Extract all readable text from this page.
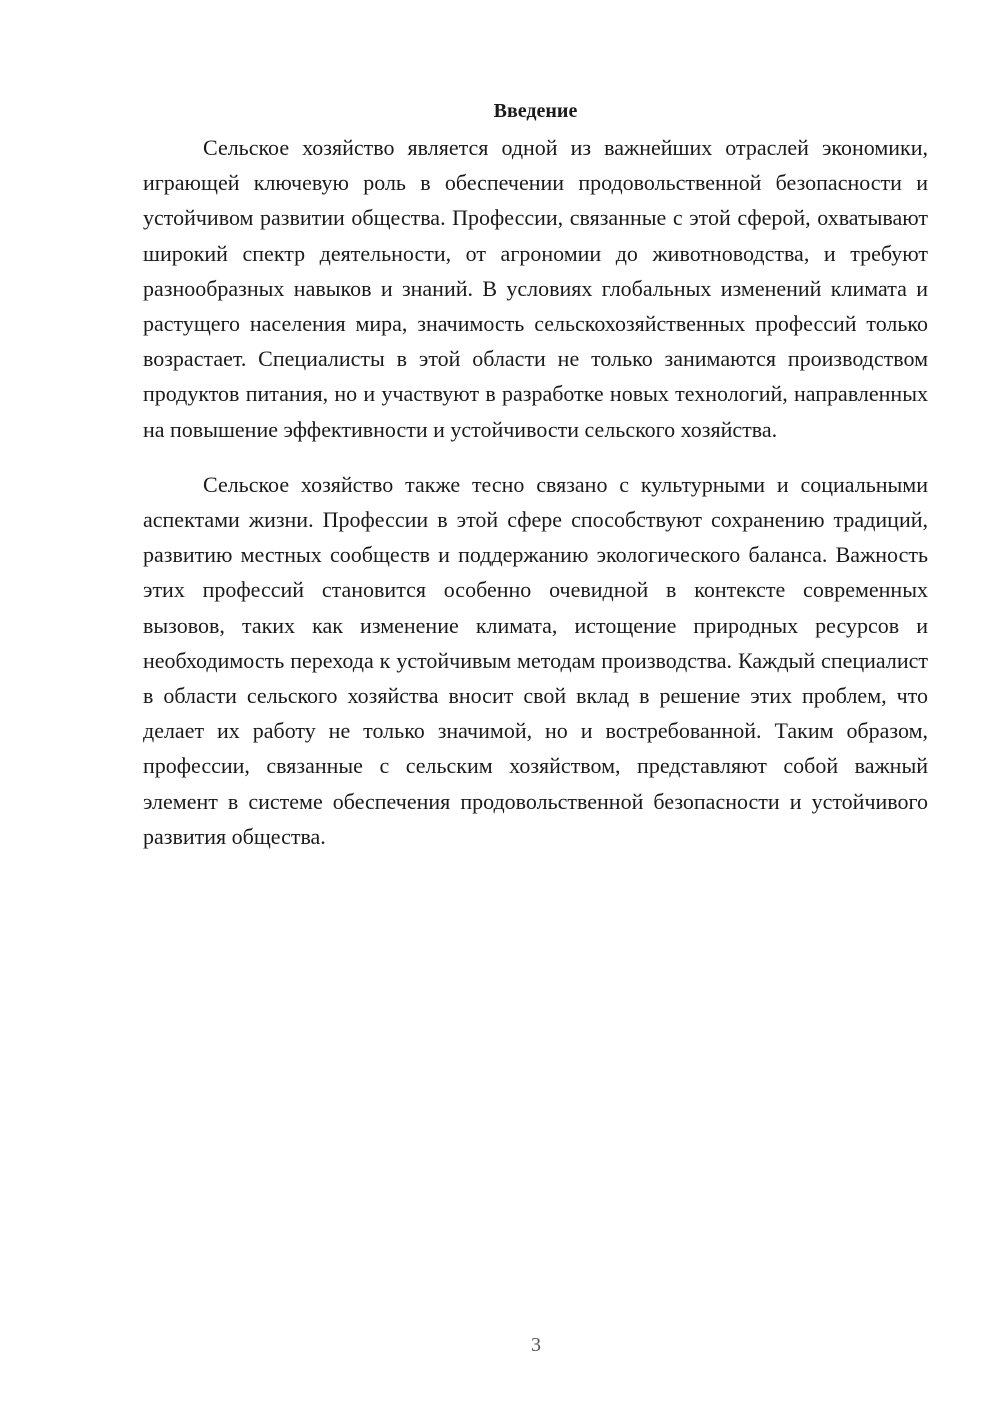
Введение

Сельское хозяйство является одной из важнейших отраслей экономики, играющей ключевую роль в обеспечении продовольственной безопасности и устойчивом развитии общества. Профессии, связанные с этой сферой, охватывают широкий спектр деятельности, от агрономии до животноводства, и требуют разнообразных навыков и знаний. В условиях глобальных изменений климата и растущего населения мира, значимость сельскохозяйственных профессий только возрастает. Специалисты в этой области не только занимаются производством продуктов питания, но и участвуют в разработке новых технологий, направленных на повышение эффективности и устойчивости сельского хозяйства.

Сельское хозяйство также тесно связано с культурными и социальными аспектами жизни. Профессии в этой сфере способствуют сохранению традиций, развитию местных сообществ и поддержанию экологического баланса. Важность этих профессий становится особенно очевидной в контексте современных вызовов, таких как изменение климата, истощение природных ресурсов и необходимость перехода к устойчивым методам производства. Каждый специалист в области сельского хозяйства вносит свой вклад в решение этих проблем, что делает их работу не только значимой, но и востребованной. Таким образом, профессии, связанные с сельским хозяйством, представляют собой важный элемент в системе обеспечения продовольственной безопасности и устойчивого развития общества.

3
